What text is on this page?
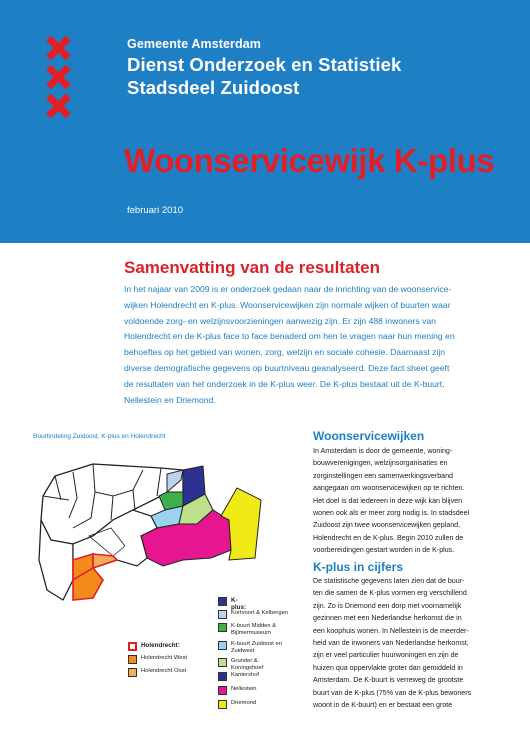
Gemeente Amsterdam
Dienst Onderzoek en Statistiek
Stadsdeel Zuidoost
Woonservicewijk K-plus
februari 2010
Samenvatting van de resultaten
In het najaar van 2009 is er onderzoek gedaan naar de inrichting van de woonservice-
wijken Holendrecht en K-plus. Woonservicewijken zijn normale wijken of buurten waar
voldoende zorg- en welzijnsvoorzieningen aanwezig zijn. Er zijn 488 inwoners van
Holendrecht en de K-plus face to face benaderd om hen te vragen naar hun mening en
behoeftes op het gebied van wonen, zorg, welzijn en sociale cohesie. Daarnaast zijn
diverse demografische gegevens op buurtniveau geanalyseerd. Deze fact sheet geeft
de resultaten van het onderzoek in de K-plus weer. De K-plus bestaat uit de K-buurt,
Nellestein en Driemond.
Buurtindeling Zuidoost, K-plus en Holendrecht
K-plus:
Kortvoort & Kelbergen
K-buurt Midden & Bijlmermuseum
K-buurt Zuidoost en Zuidwest
Grunder & Koningshoef
Kantershof
Nellestein
Driemond
Holendrecht:
Holendrecht West
Holendrecht Oost
Woonservicewijken
In Amsterdam is door de gemeente, woning-
bouwverenigingen, welzijnsorganisaties en
zorginstellingen een samenwerkingsverband
aangegaan om woonservicewijken op te richten.
Het doel is dat iedereen in deze wijk kan blijven
wonen ook als er meer zorg nodig is. In stadsdeel
Zuidoost zijn twee woonservicewijken gepland,
Holendrecht en de K-plus. Begin 2010 zullen de
voorbereidingen gestart worden in de K-plus.
K-plus in cijfers
De statistische gegevens laten zien dat de buur-
ten die samen de K-plus vormen erg verschillend
zijn. Zo is Driemond een dorp met voornamelijk
gezinnen met een Nederlandse herkomst die in
een koophuis wonen. In Nellestein is de meerder-
heid van de inwoners van Nederlandse herkomst,
zijn er veel particulier huurwoningen en zijn de
huizen qua oppervlakte groter dan gemiddeld in
Amsterdam. De K-buurt is verreweg de grootste
buurt van de K-plus (75% van de K-plus bewoners
woont in de K-buurt) en er bestaat een grote
